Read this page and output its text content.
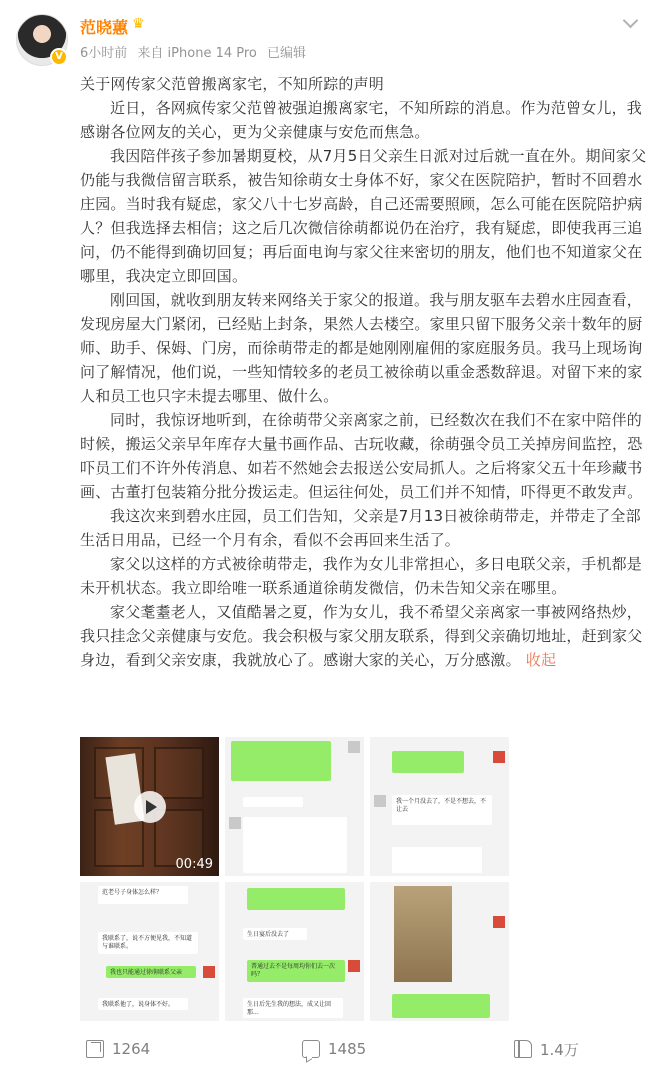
V
范晓蕙 ♛
6小时前 来自 iPhone 14 Pro 已编辑

关于网传家父范曾搬离家宅，不知所踪的声明

近日，各网疯传家父范曾被强迫搬离家宅，不知所踪的消息。作为范曾女儿，我感谢各位网友的关心，更为父亲健康与安危而焦急。

我因陪伴孩子参加暑期夏校，从7月5日父亲生日派对过后就一直在外。期间家父仍能与我微信留言联系，被告知徐萌女士身体不好，家父在医院陪护，暂时不回碧水庄园。当时我有疑虑，家父八十七岁高龄，自己还需要照顾，怎么可能在医院陪护病人？但我选择去相信；这之后几次微信徐萌都说仍在治疗，我有疑虑，即使我再三追问，仍不能得到确切回复；再后面电询与家父往来密切的朋友，他们也不知道家父在哪里，我决定立即回国。

刚回国，就收到朋友转来网络关于家父的报道。我与朋友驱车去碧水庄园查看，发现房屋大门紧闭，已经贴上封条，果然人去楼空。家里只留下服务父亲十数年的厨师、助手、保姆、门房，而徐萌带走的都是她刚刚雇佣的家庭服务员。我马上现场询问了解情况，他们说，一些知情较多的老员工被徐萌以重金悉数辞退。对留下来的家人和员工也只字未提去哪里、做什么。

同时，我惊讶地听到，在徐萌带父亲离家之前，已经数次在我们不在家中陪伴的时候，搬运父亲早年库存大量书画作品、古玩收藏，徐萌强令员工关掉房间监控，恐吓员工们不许外传消息、如若不然她会去报送公安局抓人。之后将家父五十年珍藏书画、古董打包装箱分批分拨运走。但运往何处，员工们并不知情，吓得更不敢发声。

我这次来到碧水庄园，员工们告知，父亲是7月13日被徐萌带走，并带走了全部生活日用品，已经一个月有余，看似不会再回来生活了。

家父以这样的方式被徐萌带走，我作为女儿非常担心，多日电联父亲，手机都是未开机状态。我立即给唯一联系通道徐萌发微信，仍未告知父亲在哪里。

家父耄耋老人，又值酷暑之夏，作为女儿，我不希望父亲离家一事被网络热炒，我只挂念父亲健康与安危。我会积极与家父朋友联系，得到父亲确切地址，赶到家父身边，看到父亲安康，我就放心了。感谢大家的关心，万分感激。 收起

00:49
我一个月没去了，不是不想去，不让去
范老号子身体怎么样？
我联系了，说不方便见我，不知道与谁联系。
我也只能通过徐萌联系父亲
我联系他了，说身体不好。
生日宴后没去了
普通过去不是每周均你们去一次吗？
生日后先生我的想法，成又让回那...
1264	1485	1.4万
